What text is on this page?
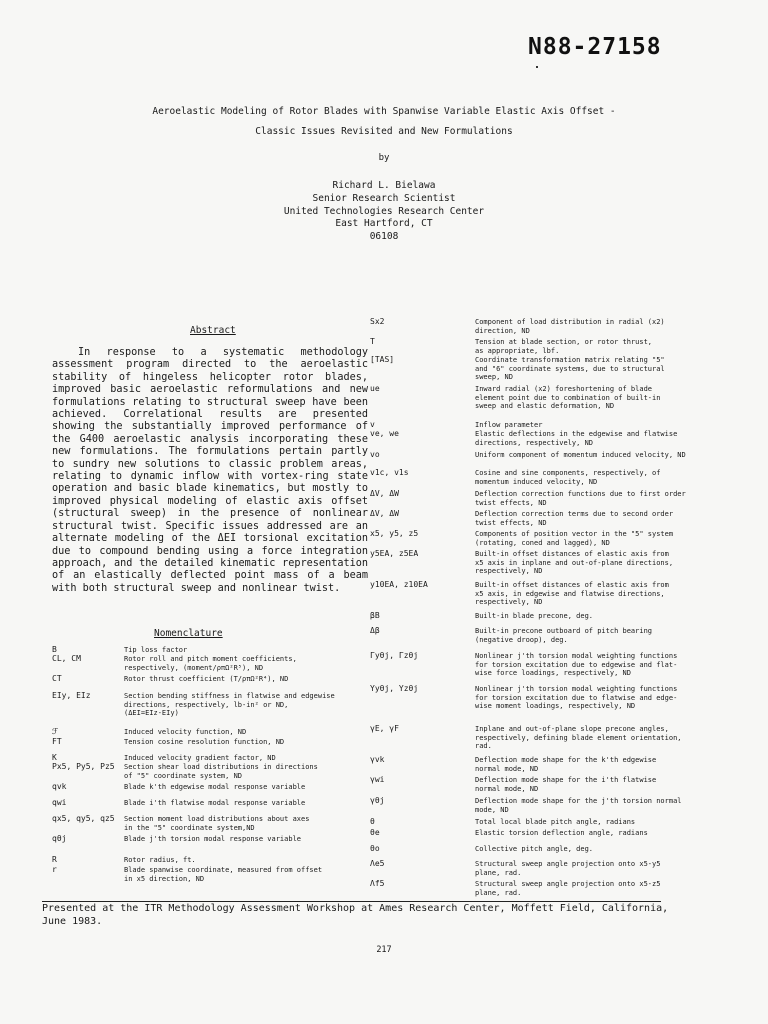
N88-27158
Aeroelastic Modeling of Rotor Blades with Spanwise Variable Elastic Axis Offset -
Classic Issues Revisited and New Formulations
by
Richard L. Bielawa
Senior Research Scientist
United Technologies Research Center
East Hartford, CT
06108
Abstract

In response to a systematic methodology assessment program directed to the aeroelastic stability of hingeless helicopter rotor blades, improved basic aeroelastic reformulations and new formulations relating to structural sweep have been achieved. Correlational results are presented showing the substantially improved performance of the G400 aeroelastic analysis incorporating these new formulations. The formulations pertain partly to sundry new solutions to classic problem areas, relating to dynamic inflow with vortex-ring state operation and basic blade kinematics, but mostly to improved physical modeling of elastic axis offset (structural sweep) in the presence of nonlinear structural twist. Specific issues addressed are an alternate modeling of the ΔEI torsional excitation due to compound bending using a force integration approach, and the detailed kinematic representation of an elastically deflected point mass of a beam with both structural sweep and nonlinear twist.

Nomenclature
B	Tip loss factor
CL, CM	Rotor roll and pitch moment coefficients,
respectively, (moment/ρπΩ²R⁵), ND
CT	Rotor thrust coefficient (T/ρπΩ²R⁴), ND
EIy, EIz	Section bending stiffness in flatwise and edgewise
directions, respectively, lb-in² or ND,
(ΔEI=EIz-EIy)
ℱ	Induced velocity function, ND
FT	Tension cosine resolution function, ND
K	Induced velocity gradient factor, ND
Px5, Py5, Pz5 Section shear load distributions in directions
of "5" coordinate system, ND
qvk	Blade k'th edgewise modal response variable
qwi	Blade i'th flatwise modal response variable
qx5, qy5, qz5 Section moment load distributions about axes
in the "5" coordinate system,ND
qθj	Blade j'th torsion modal response variable
R	Rotor radius, ft.
r	Blade spanwise coordinate, measured from offset
in x5 direction, ND
Sx2	Component of load distribution in radial (x2)
direction, ND
T	Tension at blade section, or rotor thrust,
as appropriate, lbf.
[TAS]	Coordinate transformation matrix relating "5"
and "6" coordinate systems, due to structural
sweep, ND
ue	Inward radial (x2) foreshortening of blade
element point due to combination of built-in
sweep and elastic deformation, ND
v	Inflow parameter
ve, we	Elastic deflections in the edgewise and flatwise
directions, respectively, ND
vo	Uniform component of momentum induced velocity, ND
v1c, v1s	Cosine and sine components, respectively, of
momentum induced velocity, ND
ΔV, ΔW	Deflection correction functions due to first order
twist effects, ND
ΔV, ΔW	Deflection correction terms due to second order
twist effects, ND
x5, y5, z5	Components of position vector in the "5" system
(rotating, coned and lagged), ND
y5EA, z5EA	Built-in offset distances of elastic axis from
x5 axis in inplane and out-of-plane directions,
respectively, ND
y10EA, z10EA	Built-in offset distances of elastic axis from
x5 axis, in edgewise and flatwise directions,
respectively, ND
βB	Built-in blade precone, deg.
Δβ	Built-in precone outboard of pitch bearing
(negative droop), deg.
Γyθj, Γzθj	Nonlinear j'th torsion modal weighting functions
for torsion excitation due to edgewise and flat-
wise force loadings, respectively, ND
Υyθj, Υzθj	Nonlinear j'th torsion modal weighting functions
for torsion excitation due to flatwise and edge-
wise moment loadings, respectively, ND
γE, γF	Inplane and out-of-plane slope precone angles,
respectively, defining blade element orientation,
rad.
γvk	Deflection mode shape for the k'th edgewise
normal mode, ND
γwi	Deflection mode shape for the i'th flatwise
normal mode, ND
γθj	Deflection mode shape for the j'th torsion normal
mode, ND
θ	Total local blade pitch angle, radians
θe	Elastic torsion deflection angle, radians
θo	Collective pitch angle, deg.
Λe5	Structural sweep angle projection onto x5-y5
plane, rad.
Λf5	Structural sweep angle projection onto x5-z5
plane, rad.
Presented at the ITR Methodology Assessment Workshop at Ames Research Center, Moffett Field, California, June 1983.
217
